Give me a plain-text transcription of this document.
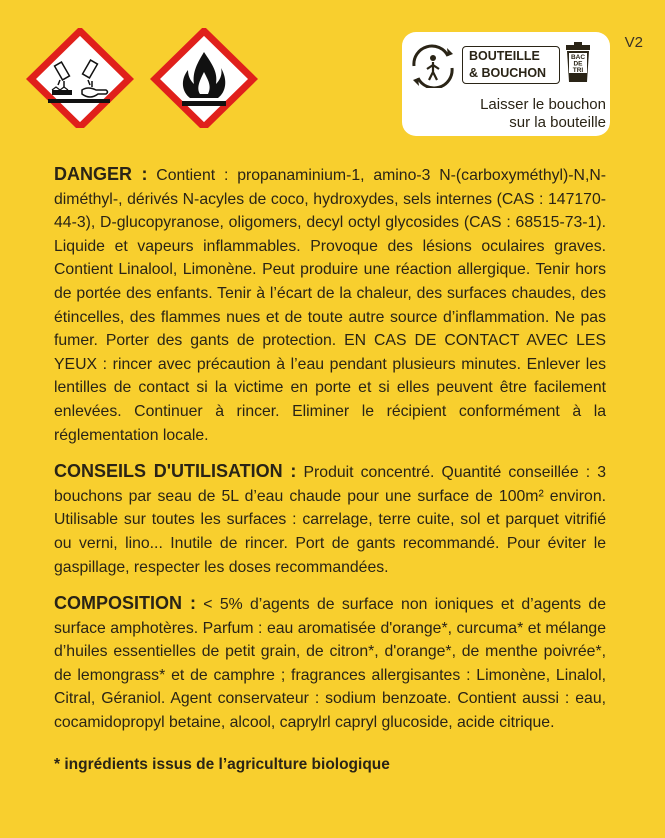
V2
BOUTEILLE
& BOUCHON
BAC
DE
TRI
Laisser le bouchon
sur la bouteille

DANGER : Contient : propanaminium-1, amino-3 N-(carboxyméthyl)-N,N-diméthyl-, dérivés N-acyles de coco, hydroxydes, sels internes (CAS : 147170-44-3), D-glucopyranose, oligomers, decyl octyl glycosides (CAS : 68515-73-1). Liquide et vapeurs inflammables. Provoque des lésions oculaires graves. Contient Linalool, Limonène. Peut produire une réaction allergique. Tenir hors de portée des enfants. Tenir à l’écart de la chaleur, des surfaces chaudes, des étincelles, des flammes nues et de toute autre source d’inflammation. Ne pas fumer. Porter des gants de protection. EN CAS DE CONTACT AVEC LES YEUX : rincer avec précaution à l’eau pendant plusieurs minutes. Enlever les lentilles de contact si la victime en porte et si elles peuvent être facilement enlevées. Continuer à rincer. Eliminer le récipient conformément à la réglementation locale.

CONSEILS D'UTILISATION : Produit concentré. Quantité conseillée : 3 bouchons par seau de 5L d’eau chaude pour une surface de 100m² environ. Utilisable sur toutes les surfaces : carrelage, terre cuite, sol et parquet vitrifié ou verni, lino... Inutile de rincer. Port de gants recommandé. Pour éviter le gaspillage, respecter les doses recommandées.

COMPOSITION : < 5% d’agents de surface non ioniques et d’agents de surface amphotères. Parfum : eau aromatisée d'orange*, curcuma* et mélange d’huiles essentielles de petit grain, de citron*, d'orange*, de menthe poivrée*, de lemongrass* et de camphre ; fragrances allergisantes : Limonène, Linalol, Citral, Géraniol. Agent conservateur : sodium benzoate. Contient aussi : eau, cocamidopropyl betaine, alcool, caprylrl capryl glucoside, acide citrique.

* ingrédients issus de l’agriculture biologique
